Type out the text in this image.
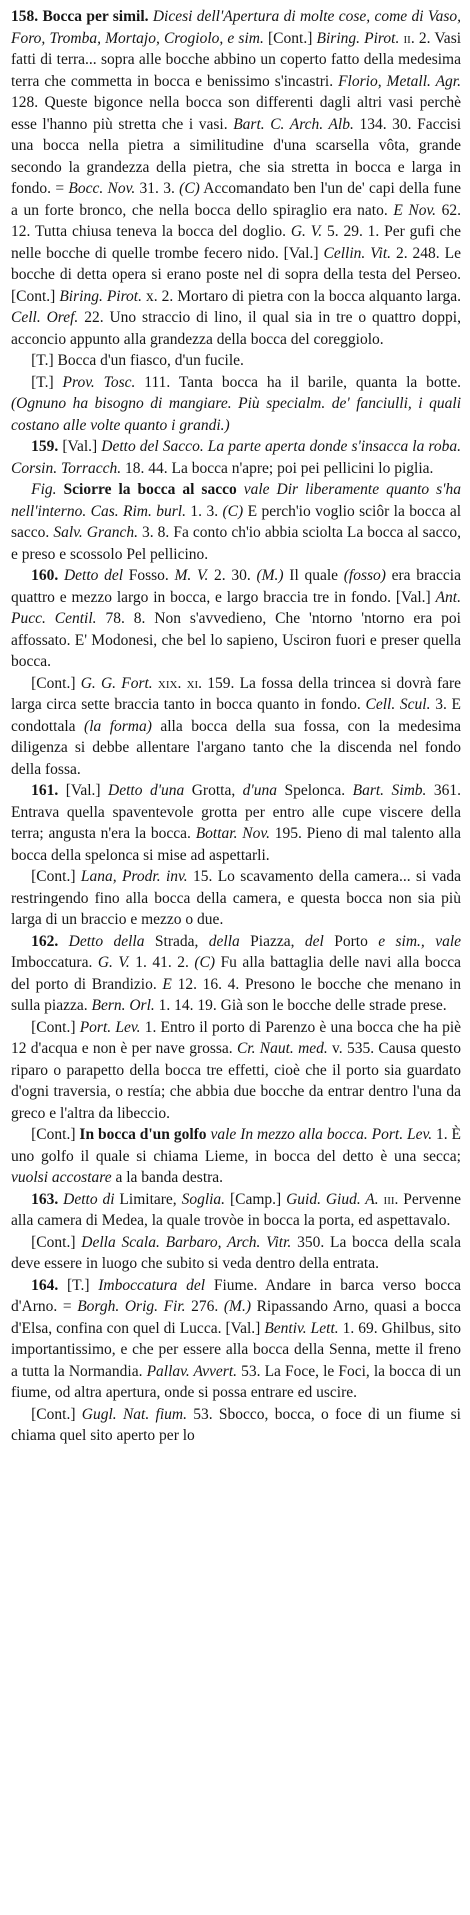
158. Bocca per simil. Dicesi dell'Apertura di molte cose, come di Vaso, Foro, Tromba, Mortajo, Crogiolo, e sim. [Cont.] Biring. Pirot. ii. 2. Vasi fatti di terra... sopra alle bocche abbino un coperto fatto della medesima terra che commetta in bocca e benissimo s'incastri. Florio, Metall. Agr. 128. Queste bigonce nella bocca son differenti dagli altri vasi perchè esse l'hanno più stretta che i vasi. Bart. C. Arch. Alb. 134. 30. Faccisi una bocca nella pietra a similitudine d'una scarsella vôta, grande secondo la grandezza della pietra, che sia stretta in bocca e larga in fondo. = Bocc. Nov. 31. 3. (C) Accomandato ben l'un de' capi della fune a un forte bronco, che nella bocca dello spiraglio era nato. E Nov. 62. 12. Tutta chiusa teneva la bocca del doglio. G. V. 5. 29. 1. Per gufi che nelle bocche di quelle trombe fecero nido. [Val.] Cellin. Vit. 2. 248. Le bocche di detta opera si erano poste nel di sopra della testa del Perseo. [Cont.] Biring. Pirot. x. 2. Mortaro di pietra con la bocca alquanto larga. Cell. Oref. 22. Uno straccio di lino, il qual sia in tre o quattro doppi, acconcio appunto alla grandezza della bocca del coreggiolo.

[T.] Bocca d'un fiasco, d'un fucile.

[T.] Prov. Tosc. 111. Tanta bocca ha il barile, quanta la botte. (Ognuno ha bisogno di mangiare. Più specialm. de' fanciulli, i quali costano alle volte quanto i grandi.)

159. [Val.] Detto del Sacco. La parte aperta donde s'insacca la roba. Corsin. Torracch. 18. 44. La bocca n'apre; poi pei pellicini lo piglia.

Fig. Sciorre la bocca al sacco vale Dir liberamente quanto s'ha nell'interno. Cas. Rim. burl. 1. 3. (C) E perch'io voglio sciôr la bocca al sacco. Salv. Granch. 3. 8. Fa conto ch'io abbia sciolta La bocca al sacco, e preso e scossolo Pel pellicino.

160. Detto del Fosso. M. V. 2. 30. (M.) Il quale (fosso) era braccia quattro e mezzo largo in bocca, e largo braccia tre in fondo. [Val.] Ant. Pucc. Centil. 78. 8. Non s'avvedieno, Che 'ntorno 'ntorno era poi affossato. E' Modonesi, che bel lo sapieno, Usciron fuori e preser quella bocca.

[Cont.] G. G. Fort. xix. xi. 159. La fossa della trincea si dovrà fare larga circa sette braccia tanto in bocca quanto in fondo. Cell. Scul. 3. E condottala (la forma) alla bocca della sua fossa, con la medesima diligenza si debbe allentare l'argano tanto che la discenda nel fondo della fossa.

161. [Val.] Detto d'una Grotta, d'una Spelonca. Bart. Simb. 361. Entrava quella spaventevole grotta per entro alle cupe viscere della terra; angusta n'era la bocca. Bottar. Nov. 195. Pieno di mal talento alla bocca della spelonca si mise ad aspettarli.

[Cont.] Lana, Prodr. inv. 15. Lo scavamento della camera... si vada restringendo fino alla bocca della camera, e questa bocca non sia più larga di un braccio e mezzo o due.

162. Detto della Strada, della Piazza, del Porto e sim., vale Imboccatura. G. V. 1. 41. 2. (C) Fu alla battaglia delle navi alla bocca del porto di Brandizio. E 12. 16. 4. Presono le bocche che menano in sulla piazza. Bern. Orl. 1. 14. 19. Già son le bocche delle strade prese.

[Cont.] Port. Lev. 1. Entro il porto di Parenzo è una bocca che ha piè 12 d'acqua e non è per nave grossa. Cr. Naut. med. v. 535. Causa questo riparo o parapetto della bocca tre effetti, cioè che il porto sia guardato d'ogni traversia, o restía; che abbia due bocche da entrar dentro l'una da greco e l'altra da libeccio.

[Cont.] In bocca d'un golfo vale In mezzo alla bocca. Port. Lev. 1. È uno golfo il quale si chiama Lieme, in bocca del detto è una secca; vuolsi accostare a la banda destra.

163. Detto di Limitare, Soglia. [Camp.] Guid. Giud. A. iii. Pervenne alla camera di Medea, la quale trovòe in bocca la porta, ed aspettavalo.

[Cont.] Della Scala. Barbaro, Arch. Vitr. 350. La bocca della scala deve essere in luogo che subito si veda dentro della entrata.

164. [T.] Imboccatura del Fiume. Andare in barca verso bocca d'Arno. = Borgh. Orig. Fir. 276. (M.) Ripassando Arno, quasi a bocca d'Elsa, confina con quel di Lucca. [Val.] Bentiv. Lett. 1. 69. Ghilbus, sito importantissimo, e che per essere alla bocca della Senna, mette il freno a tutta la Normandia. Pallav. Avvert. 53. La Foce, le Foci, la bocca di un fiume, od altra apertura, onde si possa entrare ed uscire.

[Cont.] Gugl. Nat. fium. 53. Sbocco, bocca, o foce di un fiume si chiama quel sito aperto per lo
